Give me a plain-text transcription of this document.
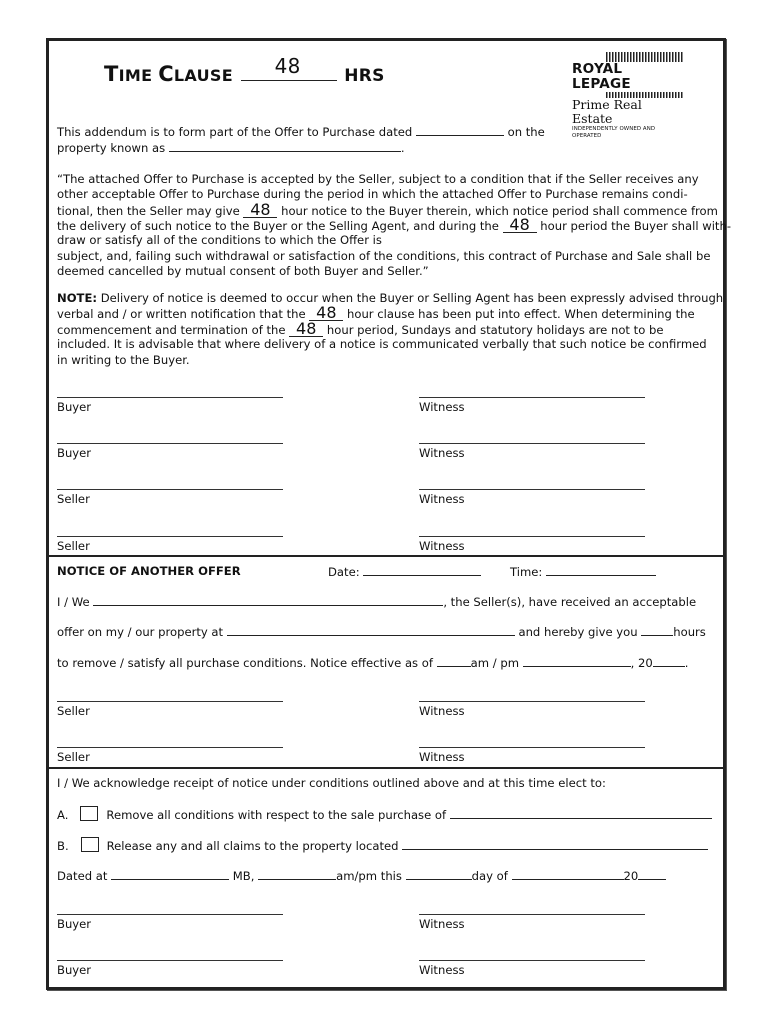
TIME CLAUSE 48	HRS	ROYAL LEPAGE
Prime Real Estate
INDEPENDENTLY OWNED AND OPERATED
This addendum is to form part of the Offer to Purchase dated	on the
property known as	.
“The attached Offer to Purchase is accepted by the Seller, subject to a condition that if the Seller receives any
other acceptable Offer to Purchase during the period in which the attached Offer to Purchase remains condi-
tional, then the Seller may give 48 hour notice to the Buyer therein, which notice period shall commence from
the delivery of such notice to the Buyer or the Selling Agent, and during the 48 hour period the Buyer shall with-
draw or satisfy all of the conditions to which the Offer is
subject, and, failing such withdrawal or satisfaction of the conditions, this contract of Purchase and Sale shall be
deemed cancelled by mutual consent of both Buyer and Seller.”
NOTE: Delivery of notice is deemed to occur when the Buyer or Selling Agent has been expressly advised through
verbal and / or written notification that the 48 hour clause has been put into effect. When determining the
commencement and termination of the 48 hour period, Sundays and statutory holidays are not to be
included. It is advisable that where delivery of a notice is communicated verbally that such notice be confirmed
in writing to the Buyer.
Buyer	Witness
Buyer	Witness
Seller	Witness
Seller	Witness
NOTICE OF ANOTHER OFFER	Date:	Time:
I / We	, the Seller(s), have received an acceptable
offer on my / our property at	and hereby give you	hours
to remove / satisfy all purchase conditions. Notice effective as of	am / pm	, 20	.
Seller	Witness
Seller	Witness
I / We acknowledge receipt of notice under conditions outlined above and at this time elect to:
A.	Remove all conditions with respect to the sale purchase of
B.	Release any and all claims to the property located
Dated at	MB,	am/pm this	day of	20
Buyer	Witness
Buyer	Witness
